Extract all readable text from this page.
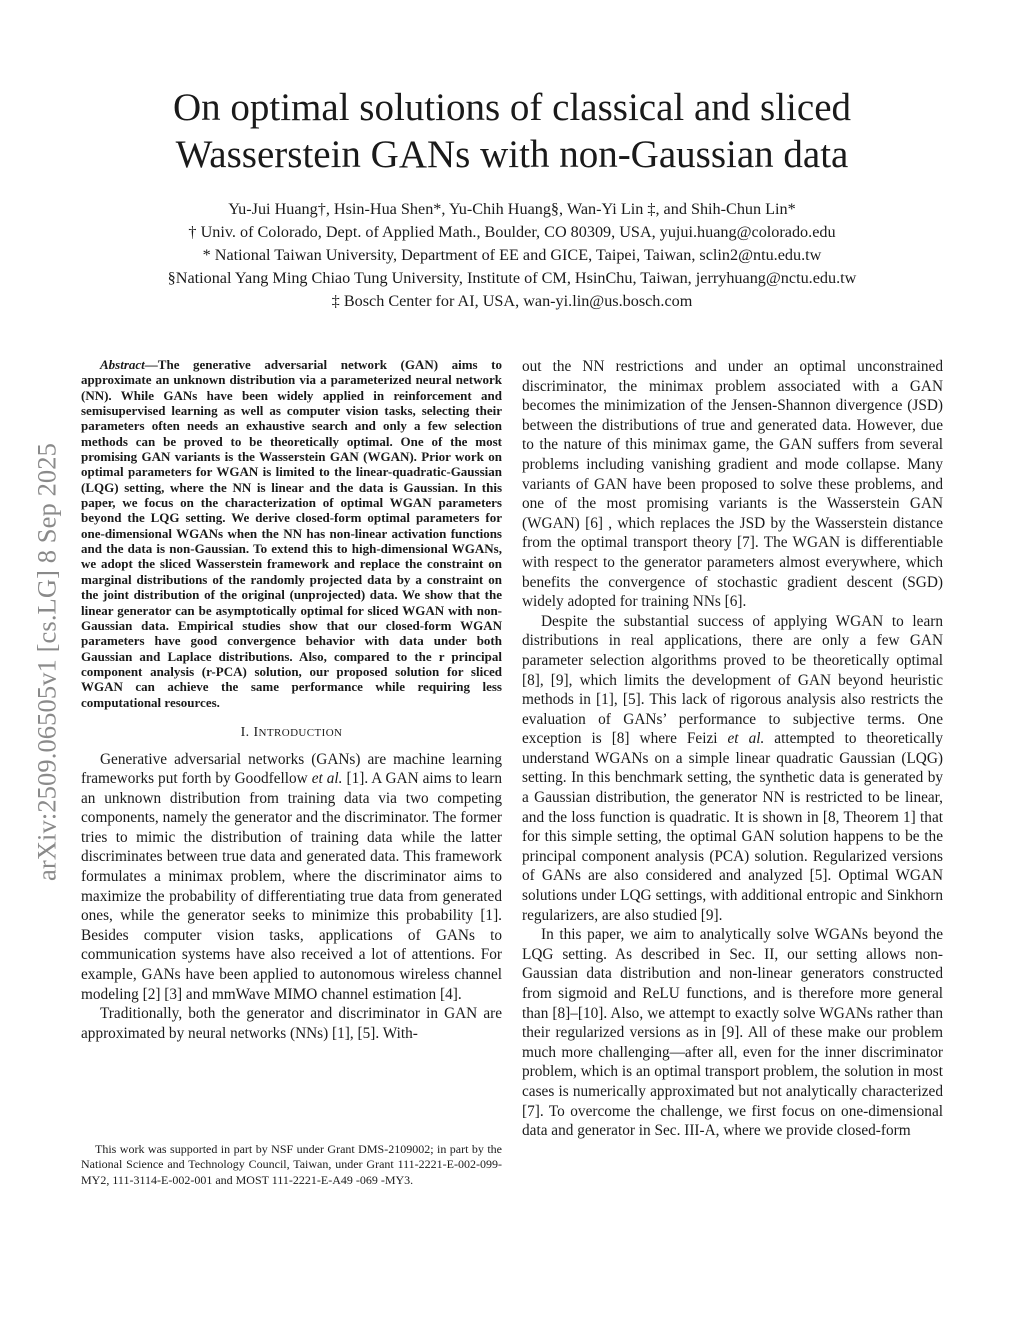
arXiv:2509.06505v1 [cs.LG] 8 Sep 2025
On optimal solutions of classical and sliced
Wasserstein GANs with non-Gaussian data
Yu-Jui Huang†, Hsin-Hua Shen*, Yu-Chih Huang§, Wan-Yi Lin ‡, and Shih-Chun Lin*
† Univ. of Colorado, Dept. of Applied Math., Boulder, CO 80309, USA, yujui.huang@colorado.edu
* National Taiwan University, Department of EE and GICE, Taipei, Taiwan, sclin2@ntu.edu.tw
§National Yang Ming Chiao Tung University, Institute of CM, HsinChu, Taiwan, jerryhuang@nctu.edu.tw
‡ Bosch Center for AI, USA, wan-yi.lin@us.bosch.com

Abstract—The generative adversarial network (GAN) aims to approximate an unknown distribution via a parameterized neural network (NN). While GANs have been widely applied in reinforcement and semisupervised learning as well as computer vision tasks, selecting their parameters often needs an exhaustive search and only a few selection methods can be proved to be theoretically optimal. One of the most promising GAN variants is the Wasserstein GAN (WGAN). Prior work on optimal parameters for WGAN is limited to the linear-quadratic-Gaussian (LQG) setting, where the NN is linear and the data is Gaussian. In this paper, we focus on the characterization of optimal WGAN parameters beyond the LQG setting. We derive closed-form optimal parameters for one-dimensional WGANs when the NN has non-linear activation functions and the data is non-Gaussian. To extend this to high-dimensional WGANs, we adopt the sliced Wasserstein framework and replace the constraint on marginal distributions of the randomly projected data by a constraint on the joint distribution of the original (unprojected) data. We show that the linear generator can be asymptotically optimal for sliced WGAN with non-Gaussian data. Empirical studies show that our closed-form WGAN parameters have good convergence behavior with data under both Gaussian and Laplace distributions. Also, compared to the r principal component analysis (r-PCA) solution, our proposed solution for sliced WGAN can achieve the same performance while requiring less computational resources.

I. INTRODUCTION

Generative adversarial networks (GANs) are machine learning frameworks put forth by Goodfellow et al. [1]. A GAN aims to learn an unknown distribution from training data via two competing components, namely the generator and the discriminator. The former tries to mimic the distribution of training data while the latter discriminates between true data and generated data. This framework formulates a minimax problem, where the discriminator aims to maximize the probability of differentiating true data from generated ones, while the generator seeks to minimize this probability [1]. Besides computer vision tasks, applications of GANs to communication systems have also received a lot of attentions. For example, GANs have been applied to autonomous wireless channel modeling [2] [3] and mmWave MIMO channel estimation [4].

Traditionally, both the generator and discriminator in GAN are approximated by neural networks (NNs) [1], [5]. With-

This work was supported in part by NSF under Grant DMS-2109002; in part by the National Science and Technology Council, Taiwan, under Grant 111-2221-E-002-099-MY2, 111-3114-E-002-001 and MOST 111-2221-E-A49 -069 -MY3.

out the NN restrictions and under an optimal unconstrained discriminator, the minimax problem associated with a GAN becomes the minimization of the Jensen-Shannon divergence (JSD) between the distributions of true and generated data. However, due to the nature of this minimax game, the GAN suffers from several problems including vanishing gradient and mode collapse. Many variants of GAN have been proposed to solve these problems, and one of the most promising variants is the Wasserstein GAN (WGAN) [6] , which replaces the JSD by the Wasserstein distance from the optimal transport theory [7]. The WGAN is differentiable with respect to the generator parameters almost everywhere, which benefits the convergence of stochastic gradient descent (SGD) widely adopted for training NNs [6].

Despite the substantial success of applying WGAN to learn distributions in real applications, there are only a few GAN parameter selection algorithms proved to be theoretically optimal [8], [9], which limits the development of GAN beyond heuristic methods in [1], [5]. This lack of rigorous analysis also restricts the evaluation of GANs’ performance to subjective terms. One exception is [8] where Feizi et al. attempted to theoretically understand WGANs on a simple linear quadratic Gaussian (LQG) setting. In this benchmark setting, the synthetic data is generated by a Gaussian distribution, the generator NN is restricted to be linear, and the loss function is quadratic. It is shown in [8, Theorem 1] that for this simple setting, the optimal GAN solution happens to be the principal component analysis (PCA) solution. Regularized versions of GANs are also considered and analyzed [5]. Optimal WGAN solutions under LQG settings, with additional entropic and Sinkhorn regularizers, are also studied [9].

In this paper, we aim to analytically solve WGANs beyond the LQG setting. As described in Sec. II, our setting allows non-Gaussian data distribution and non-linear generators constructed from sigmoid and ReLU functions, and is therefore more general than [8]–[10]. Also, we attempt to exactly solve WGANs rather than their regularized versions as in [9]. All of these make our problem much more challenging—after all, even for the inner discriminator problem, which is an optimal transport problem, the solution in most cases is numerically approximated but not analytically characterized [7]. To overcome the challenge, we first focus on one-dimensional data and generator in Sec. III-A, where we provide closed-form
